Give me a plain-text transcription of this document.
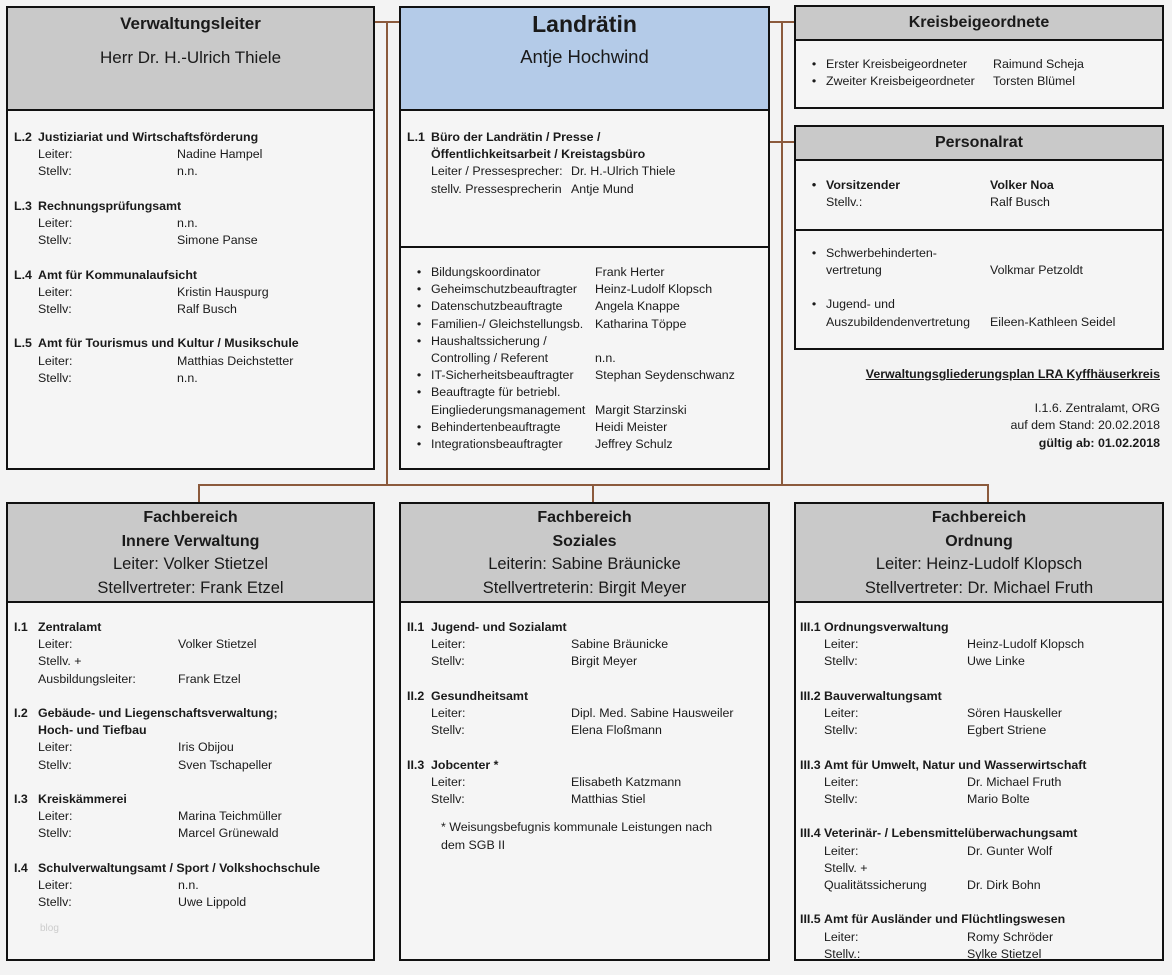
Verwaltungsleiter
Herr Dr. H.-Ulrich Thiele
L.2 Justiziariat und Wirtschaftsförderung
Leiter:	Nadine Hampel
Stellv:	n.n.
L.3 Rechnungsprüfungsamt
Leiter:	n.n.
Stellv:	Simone Panse
L.4 Amt für Kommunalaufsicht
Leiter:	Kristin Hauspurg
Stellv:	Ralf Busch
L.5 Amt für Tourismus und Kultur / Musikschule
Leiter:	Matthias Deichstetter
Stellv:	n.n.
Landrätin
Antje Hochwind
L.1 Büro der Landrätin / Presse /
Öffentlichkeitsarbeit / Kreistagsbüro
Leiter / Pressesprecher: Dr. H.-Ulrich Thiele
stellv. Pressesprecherin Antje Mund
• Bildungskoordinator	Frank Herter
• Geheimschutzbeauftragter	Heinz-Ludolf Klopsch
• Datenschutzbeauftragte	Angela Knappe
• Familien-/ Gleichstellungsb. Katharina Töppe
• Haushaltssicherung /
Controlling / Referent	n.n.
• IT-Sicherheitsbeauftragter	Stephan Seydenschwanz
• Beauftragte für betriebl.
Eingliederungsmanagement Margit Starzinski
• Behindertenbeauftragte	Heidi Meister
• Integrationsbeauftragter	Jeffrey Schulz
Kreisbeigeordnete
• Erster Kreisbeigeordneter	Raimund Scheja
• Zweiter Kreisbeigeordneter	Torsten Blümel
Personalrat
• Vorsitzender	Volker Noa
Stellv.:	Ralf Busch
• Schwerbehinderten-
vertretung	Volkmar Petzoldt
• Jugend- und
Auszubildendenvertretung	Eileen-Kathleen Seidel
Verwaltungsgliederungsplan LRA Kyffhäuserkreis
I.1.6. Zentralamt, ORG
auf dem Stand: 20.02.2018
gültig ab: 01.02.2018
Fachbereich
Innere Verwaltung
Leiter: Volker Stietzel
Stellvertreter: Frank Etzel
I.1 Zentralamt
Leiter:	Volker Stietzel
Stellv. + Ausbildungsleiter:	Frank Etzel
I.2 Gebäude- und Liegenschaftsverwaltung;
Hoch- und Tiefbau
Leiter:	Iris Obijou
Stellv:	Sven Tschapeller
I.3 Kreiskämmerei
Leiter:	Marina Teichmüller
Stellv:	Marcel Grünewald
I.4 Schulverwaltungsamt / Sport / Volkshochschule
Leiter:	n.n.
Stellv:	Uwe Lippold
Fachbereich
Soziales
Leiterin: Sabine Bräunicke
Stellvertreterin: Birgit Meyer
II.1 Jugend- und Sozialamt
Leiter:	Sabine Bräunicke
Stellv:	Birgit Meyer
II.2 Gesundheitsamt
Leiter:	Dipl. Med. Sabine Hausweiler
Stellv:	Elena Floßmann
II.3 Jobcenter *
Leiter:	Elisabeth Katzmann
Stellv:	Matthias Stiel
* Weisungsbefugnis kommunale Leistungen nach
dem SGB II
Fachbereich
Ordnung
Leiter: Heinz-Ludolf Klopsch
Stellvertreter: Dr. Michael Fruth
III.1 Ordnungsverwaltung
Leiter:	Heinz-Ludolf Klopsch
Stellv:	Uwe Linke
III.2 Bauverwaltungsamt
Leiter:	Sören Hauskeller
Stellv:	Egbert Striene
III.3 Amt für Umwelt, Natur und Wasserwirtschaft
Leiter:	Dr. Michael Fruth
Stellv:	Mario Bolte
III.4 Veterinär- / Lebensmittelüberwachungsamt
Leiter:	Dr. Gunter Wolf
Stellv. + Qualitätssicherung	Dr. Dirk Bohn
III.5 Amt für Ausländer und Flüchtlingswesen
Leiter:	Romy Schröder
Stellv.:	Sylke Stietzel
blog
